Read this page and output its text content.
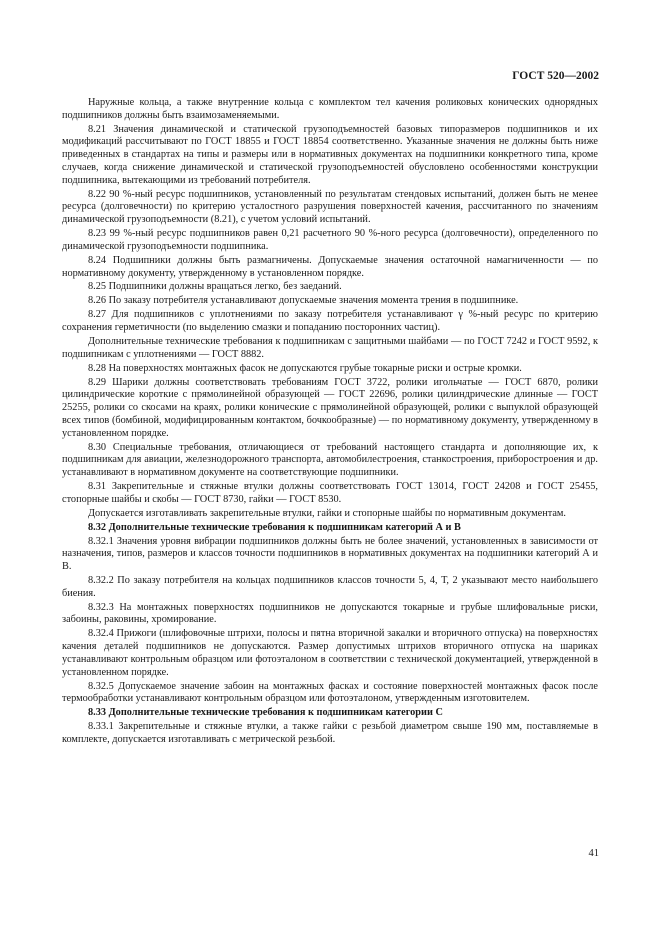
ГОСТ 520—2002

Наружные кольца, а также внутренние кольца с комплектом тел качения роликовых конических однорядных подшипников должны быть взаимозаменяемыми.

8.21 Значения динамической и статической грузоподъемностей базовых типоразмеров подшипников и их модификаций рассчитывают по ГОСТ 18855 и ГОСТ 18854 соответственно. Указанные значения не должны быть ниже приведенных в стандартах на типы и размеры или в нормативных документах на подшипники конкретного типа, кроме случаев, когда снижение динамической и статической грузоподъемностей обусловлено особенностями конструкции подшипника, вытекающими из требований потребителя.

8.22 90 %-ный ресурс подшипников, установленный по результатам стендовых испытаний, должен быть не менее ресурса (долговечности) по критерию усталостного разрушения поверхностей качения, рассчитанного по значениям динамической грузоподъемности (8.21), с учетом условий испытаний.

8.23 99 %-ный ресурс подшипников равен 0,21 расчетного 90 %-ного ресурса (долговечности), определенного по динамической грузоподъемности подшипника.

8.24 Подшипники должны быть размагничены. Допускаемые значения остаточной намагниченности — по нормативному документу, утвержденному в установленном порядке.

8.25 Подшипники должны вращаться легко, без заеданий.

8.26 По заказу потребителя устанавливают допускаемые значения момента трения в подшипнике.

8.27 Для подшипников с уплотнениями по заказу потребителя устанавливают γ %-ный ресурс по критерию сохранения герметичности (по выделению смазки и попаданию посторонних частиц).

Дополнительные технические требования к подшипникам с защитными шайбами — по ГОСТ 7242 и ГОСТ 9592, к подшипникам с уплотнениями — ГОСТ 8882.

8.28 На поверхностях монтажных фасок не допускаются грубые токарные риски и острые кромки.

8.29 Шарики должны соответствовать требованиям ГОСТ 3722, ролики игольчатые — ГОСТ 6870, ролики цилиндрические короткие с прямолинейной образующей — ГОСТ 22696, ролики цилиндрические длинные — ГОСТ 25255, ролики со скосами на краях, ролики конические с прямолинейной образующей, ролики с выпуклой образующей всех типов (бомбиной, модифицированным контактом, бочкообразные) — по нормативному документу, утвержденному в установленном порядке.

8.30 Специальные требования, отличающиеся от требований настоящего стандарта и дополняющие их, к подшипникам для авиации, железнодорожного транспорта, автомобилестроения, станкостроения, приборостроения и др. устанавливают в нормативном документе на соответствующие подшипники.

8.31 Закрепительные и стяжные втулки должны соответствовать ГОСТ 13014, ГОСТ 24208 и ГОСТ 25455, стопорные шайбы и скобы — ГОСТ 8730, гайки — ГОСТ 8530.

Допускается изготавливать закрепительные втулки, гайки и стопорные шайбы по нормативным документам.

8.32 Дополнительные технические требования к подшипникам категорий А и В

8.32.1 Значения уровня вибрации подшипников должны быть не более значений, установленных в зависимости от назначения, типов, размеров и классов точности подшипников в нормативных документах на подшипники категорий А и В.

8.32.2 По заказу потребителя на кольцах подшипников классов точности 5, 4, Т, 2 указывают место наибольшего биения.

8.32.3 На монтажных поверхностях подшипников не допускаются токарные и грубые шлифовальные риски, забоины, раковины, хромирование.

8.32.4 Прижоги (шлифовочные штрихи, полосы и пятна вторичной закалки и вторичного отпуска) на поверхностях качения деталей подшипников не допускаются. Размер допустимых штрихов вторичного отпуска на шариках устанавливают контрольным образцом или фотоэталоном в соответствии с технической документацией, утвержденной в установленном порядке.

8.32.5 Допускаемое значение забоин на монтажных фасках и состояние поверхностей монтажных фасок после термообработки устанавливают контрольным образцом или фотоэталоном, утвержденным изготовителем.

8.33 Дополнительные технические требования к подшипникам категории С

8.33.1 Закрепительные и стяжные втулки, а также гайки с резьбой диаметром свыше 190 мм, поставляемые в комплекте, допускается изготавливать с метрической резьбой.

41
